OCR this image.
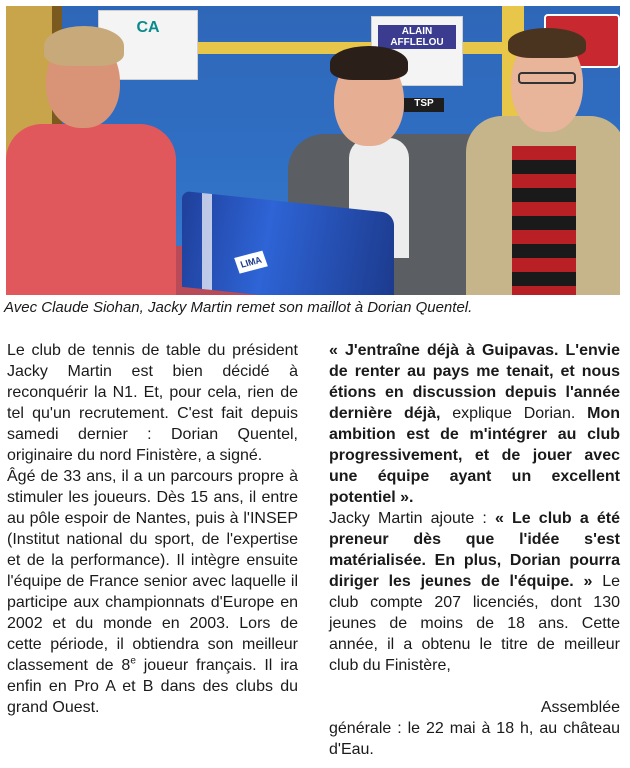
CA	ALAIN AFFLELOU
TSP
LIMA
Avec Claude Siohan, Jacky Martin remet son maillot à Dorian Quentel.

Le club de tennis de table du président Jacky Martin est bien décidé à reconquérir la N1. Et, pour cela, rien de tel qu'un recrutement. C'est fait depuis samedi dernier : Dorian Quentel, originaire du nord Finistère, a signé.

Âgé de 33 ans, il a un parcours propre à stimuler les joueurs. Dès 15 ans, il entre au pôle espoir de Nantes, puis à l'INSEP (Institut national du sport, de l'expertise et de la performance). Il intègre ensuite l'équipe de France senior avec laquelle il participe aux championnats d'Europe en 2002 et du monde en 2003. Lors de cette période, il obtiendra son meilleur classement de 8e joueur français. Il ira enfin en Pro A et B dans des clubs du grand Ouest.

« J'entraîne déjà à Guipavas. L'envie de renter au pays me tenait, et nous étions en discussion depuis l'année dernière déjà, explique Dorian. Mon ambition est de m'intégrer au club progressivement, et de jouer avec une équipe ayant un excellent potentiel ».

Jacky Martin ajoute : « Le club a été preneur dès que l'idée s'est matérialisée. En plus, Dorian pourra diriger les jeunes de l'équipe. » Le club compte 207 licenciés, dont 130 jeunes de moins de 18 ans. Cette année, il a obtenu le titre de meilleur club du Finistère,

Assemblée

générale : le 22 mai à 18 h, au château d'Eau.
